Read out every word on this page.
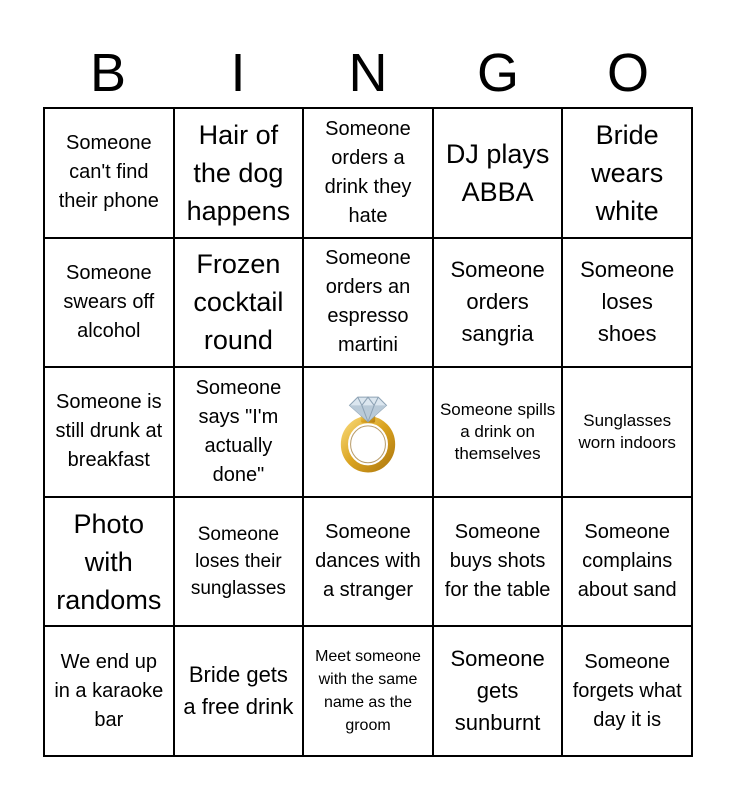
B	I	N	G	O
Someone can't find their phone
Hair of the dog happens
Someone orders a drink they hate
DJ plays ABBA
Bride wears white
Someone swears off alcohol
Frozen cocktail round
Someone orders an espresso martini
Someone orders sangria
Someone loses shoes
Someone is still drunk at breakfast
Someone says "I'm actually done"
Someone spills a drink on themselves
Sunglasses worn indoors
Photo with randoms
Someone loses their sunglasses
Someone dances with a stranger
Someone buys shots for the table
Someone complains about sand
We end up in a karaoke bar
Bride gets a free drink
Meet someone with the same name as the groom
Someone gets sunburnt
Someone forgets what day it is
